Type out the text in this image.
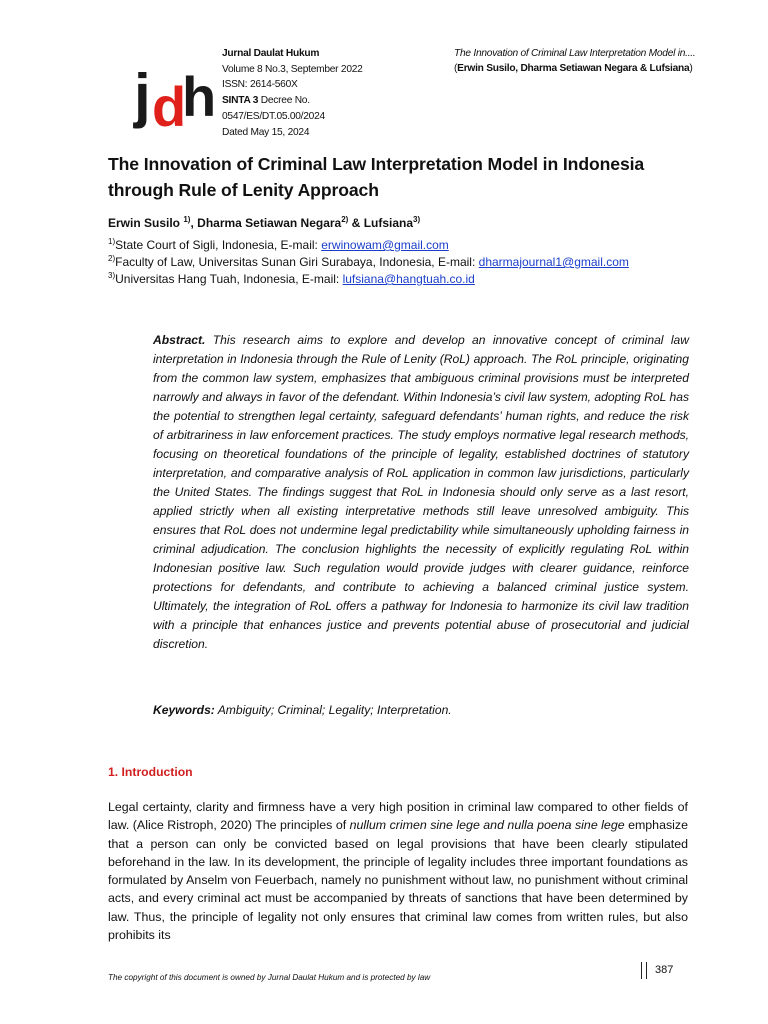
j d
h
Jurnal Daulat Hukum
Volume 8 No.3, September 2022
ISSN: 2614-560X
SINTA 3 Decree No.
0547/ES/DT.05.00/2024
Dated May 15, 2024
The Innovation of Criminal Law Interpretation Model in....
(Erwin Susilo, Dharma Setiawan Negara & Lufsiana)
The Innovation of Criminal Law Interpretation Model in Indonesia through Rule of Lenity Approach
Erwin Susilo $^{1)}$, Dharma Setiawan Negara$^{2)}$ & Lufsiana$^{3)}$
$^{1)}$State Court of Sigli, Indonesia, E-mail: erwinowam@gmail.com
$^{2)}$Faculty of Law, Universitas Sunan Giri Surabaya, Indonesia, E-mail: dharmajournal1@gmail.com
$^{3)}$Universitas Hang Tuah, Indonesia, E-mail: lufsiana@hangtuah.co.id

Abstract. This research aims to explore and develop an innovative concept of criminal law interpretation in Indonesia through the Rule of Lenity (RoL) approach. The RoL principle, originating from the common law system, emphasizes that ambiguous criminal provisions must be interpreted narrowly and always in favor of the defendant. Within Indonesia’s civil law system, adopting RoL has the potential to strengthen legal certainty, safeguard defendants’ human rights, and reduce the risk of arbitrariness in law enforcement practices. The study employs normative legal research methods, focusing on theoretical foundations of the principle of legality, established doctrines of statutory interpretation, and comparative analysis of RoL application in common law jurisdictions, particularly the United States. The findings suggest that RoL in Indonesia should only serve as a last resort, applied strictly when all existing interpretative methods still leave unresolved ambiguity. This ensures that RoL does not undermine legal predictability while simultaneously upholding fairness in criminal adjudication. The conclusion highlights the necessity of explicitly regulating RoL within Indonesian positive law. Such regulation would provide judges with clearer guidance, reinforce protections for defendants, and contribute to achieving a balanced criminal justice system. Ultimately, the integration of RoL offers a pathway for Indonesia to harmonize its civil law tradition with a principle that enhances justice and prevents potential abuse of prosecutorial and judicial discretion.

Keywords: Ambiguity; Criminal; Legality; Interpretation.
1. Introduction

Legal certainty, clarity and firmness have a very high position in criminal law compared to other fields of law. (Alice Ristroph, 2020) The principles of nullum crimen sine lege and nulla poena sine lege emphasize that a person can only be convicted based on legal provisions that have been clearly stipulated beforehand in the law. In its development, the principle of legality includes three important foundations as formulated by Anselm von Feuerbach, namely no punishment without law, no punishment without criminal acts, and every criminal act must be accompanied by threats of sanctions that have been determined by law. Thus, the principle of legality not only ensures that criminal law comes from written rules, but also prohibits its

The copyright of this document is owned by Jurnal Daulat Hukum and is protected by law
387
